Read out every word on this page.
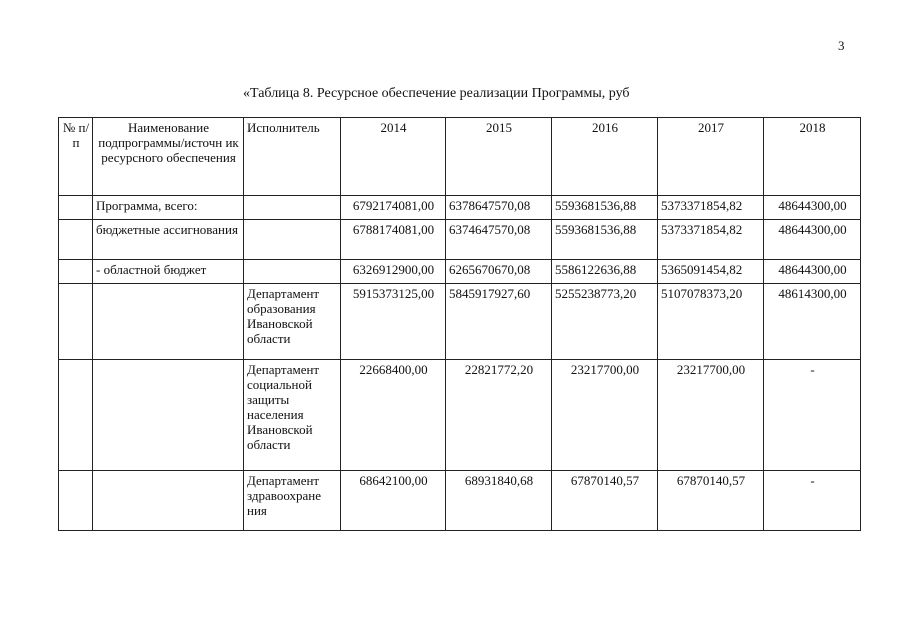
3
«Таблица 8. Ресурсное обеспечение реализации Программы, руб
№ п/п	Наименование подпрограммы/источн ик ресурсного обеспечения	Исполнитель	2014	2015	2016	2017	2018
	Программа, всего:		6792174081,00	6378647570,08	5593681536,88	5373371854,82	48644300,00
	бюджетные ассигнования		6788174081,00	6374647570,08	5593681536,88	5373371854,82	48644300,00
	- областной бюджет		6326912900,00	6265670670,08	5586122636,88	5365091454,82	48644300,00
		Департамент образования Ивановской области	5915373125,00	5845917927,60	5255238773,20	5107078373,20	48614300,00
		Департамент социальной защиты населения Ивановской области	22668400,00	22821772,20	23217700,00	23217700,00	-
		Департамент здравоохране ния	68642100,00	68931840,68	67870140,57	67870140,57	-
